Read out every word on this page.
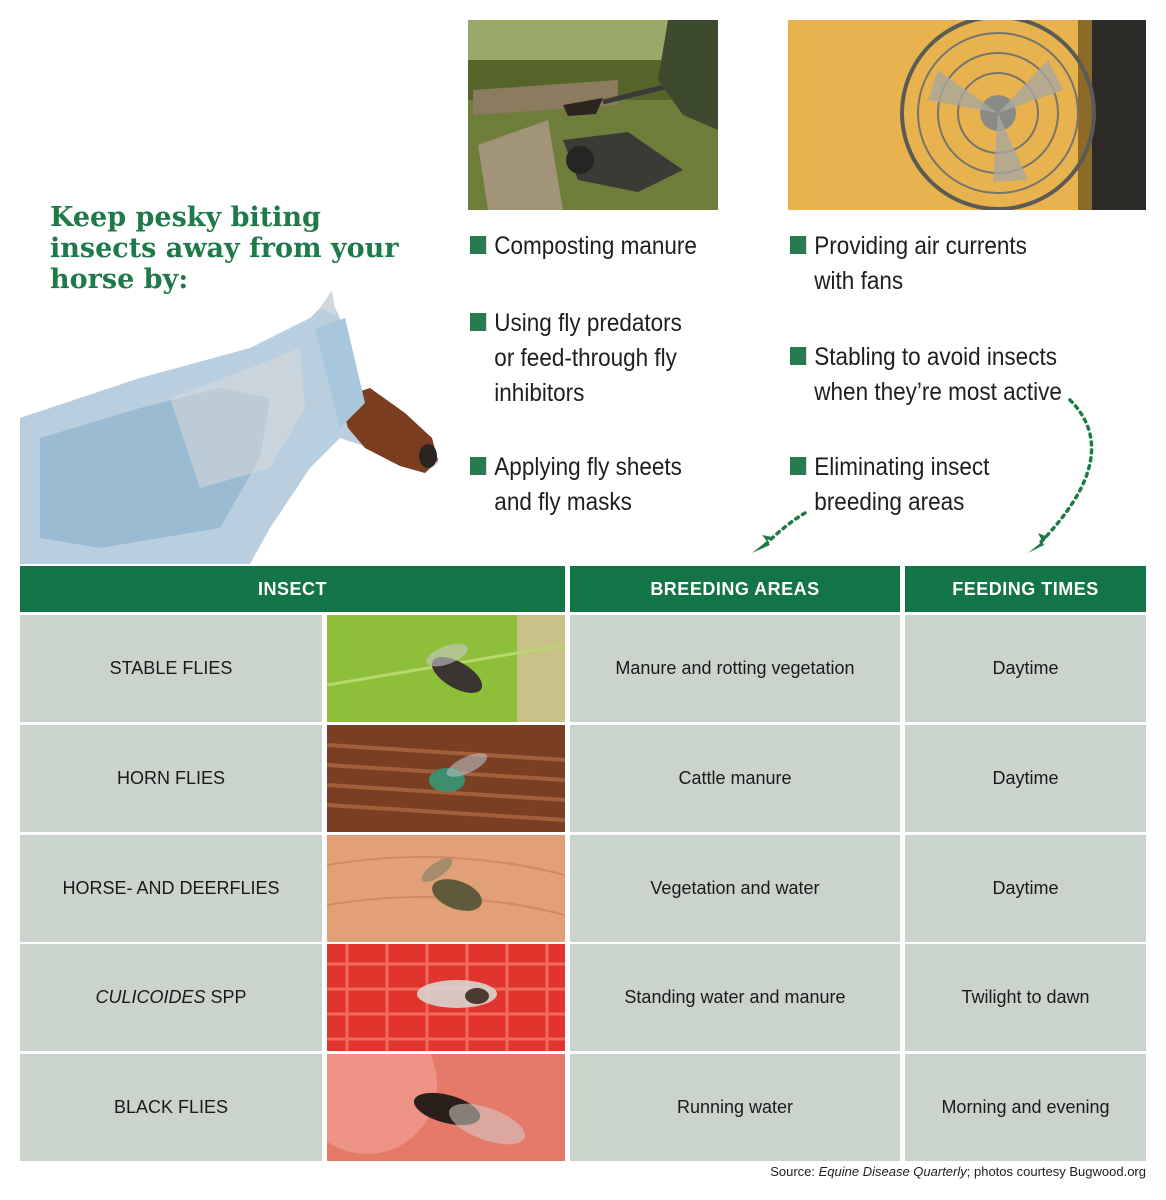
Keep pesky biting insects away from your horse by:
Composting manure
Using fly predators or feed-through fly inhibitors
Applying fly sheets and fly masks
Providing air currents with fans
Stabling to avoid insects when they’re most active
Eliminating insect breeding areas
INSECT	BREEDING AREAS	FEEDING TIMES
STABLE FLIES	Manure and rotting vegetation	Daytime
HORN FLIES	Cattle manure	Daytime
HORSE- AND DEERFLIES	Vegetation and water	Daytime
CULICOIDES SPP	Standing water and manure	Twilight to dawn
BLACK FLIES	Running water	Morning and evening
Source: Equine Disease Quarterly; photos courtesy Bugwood.org
